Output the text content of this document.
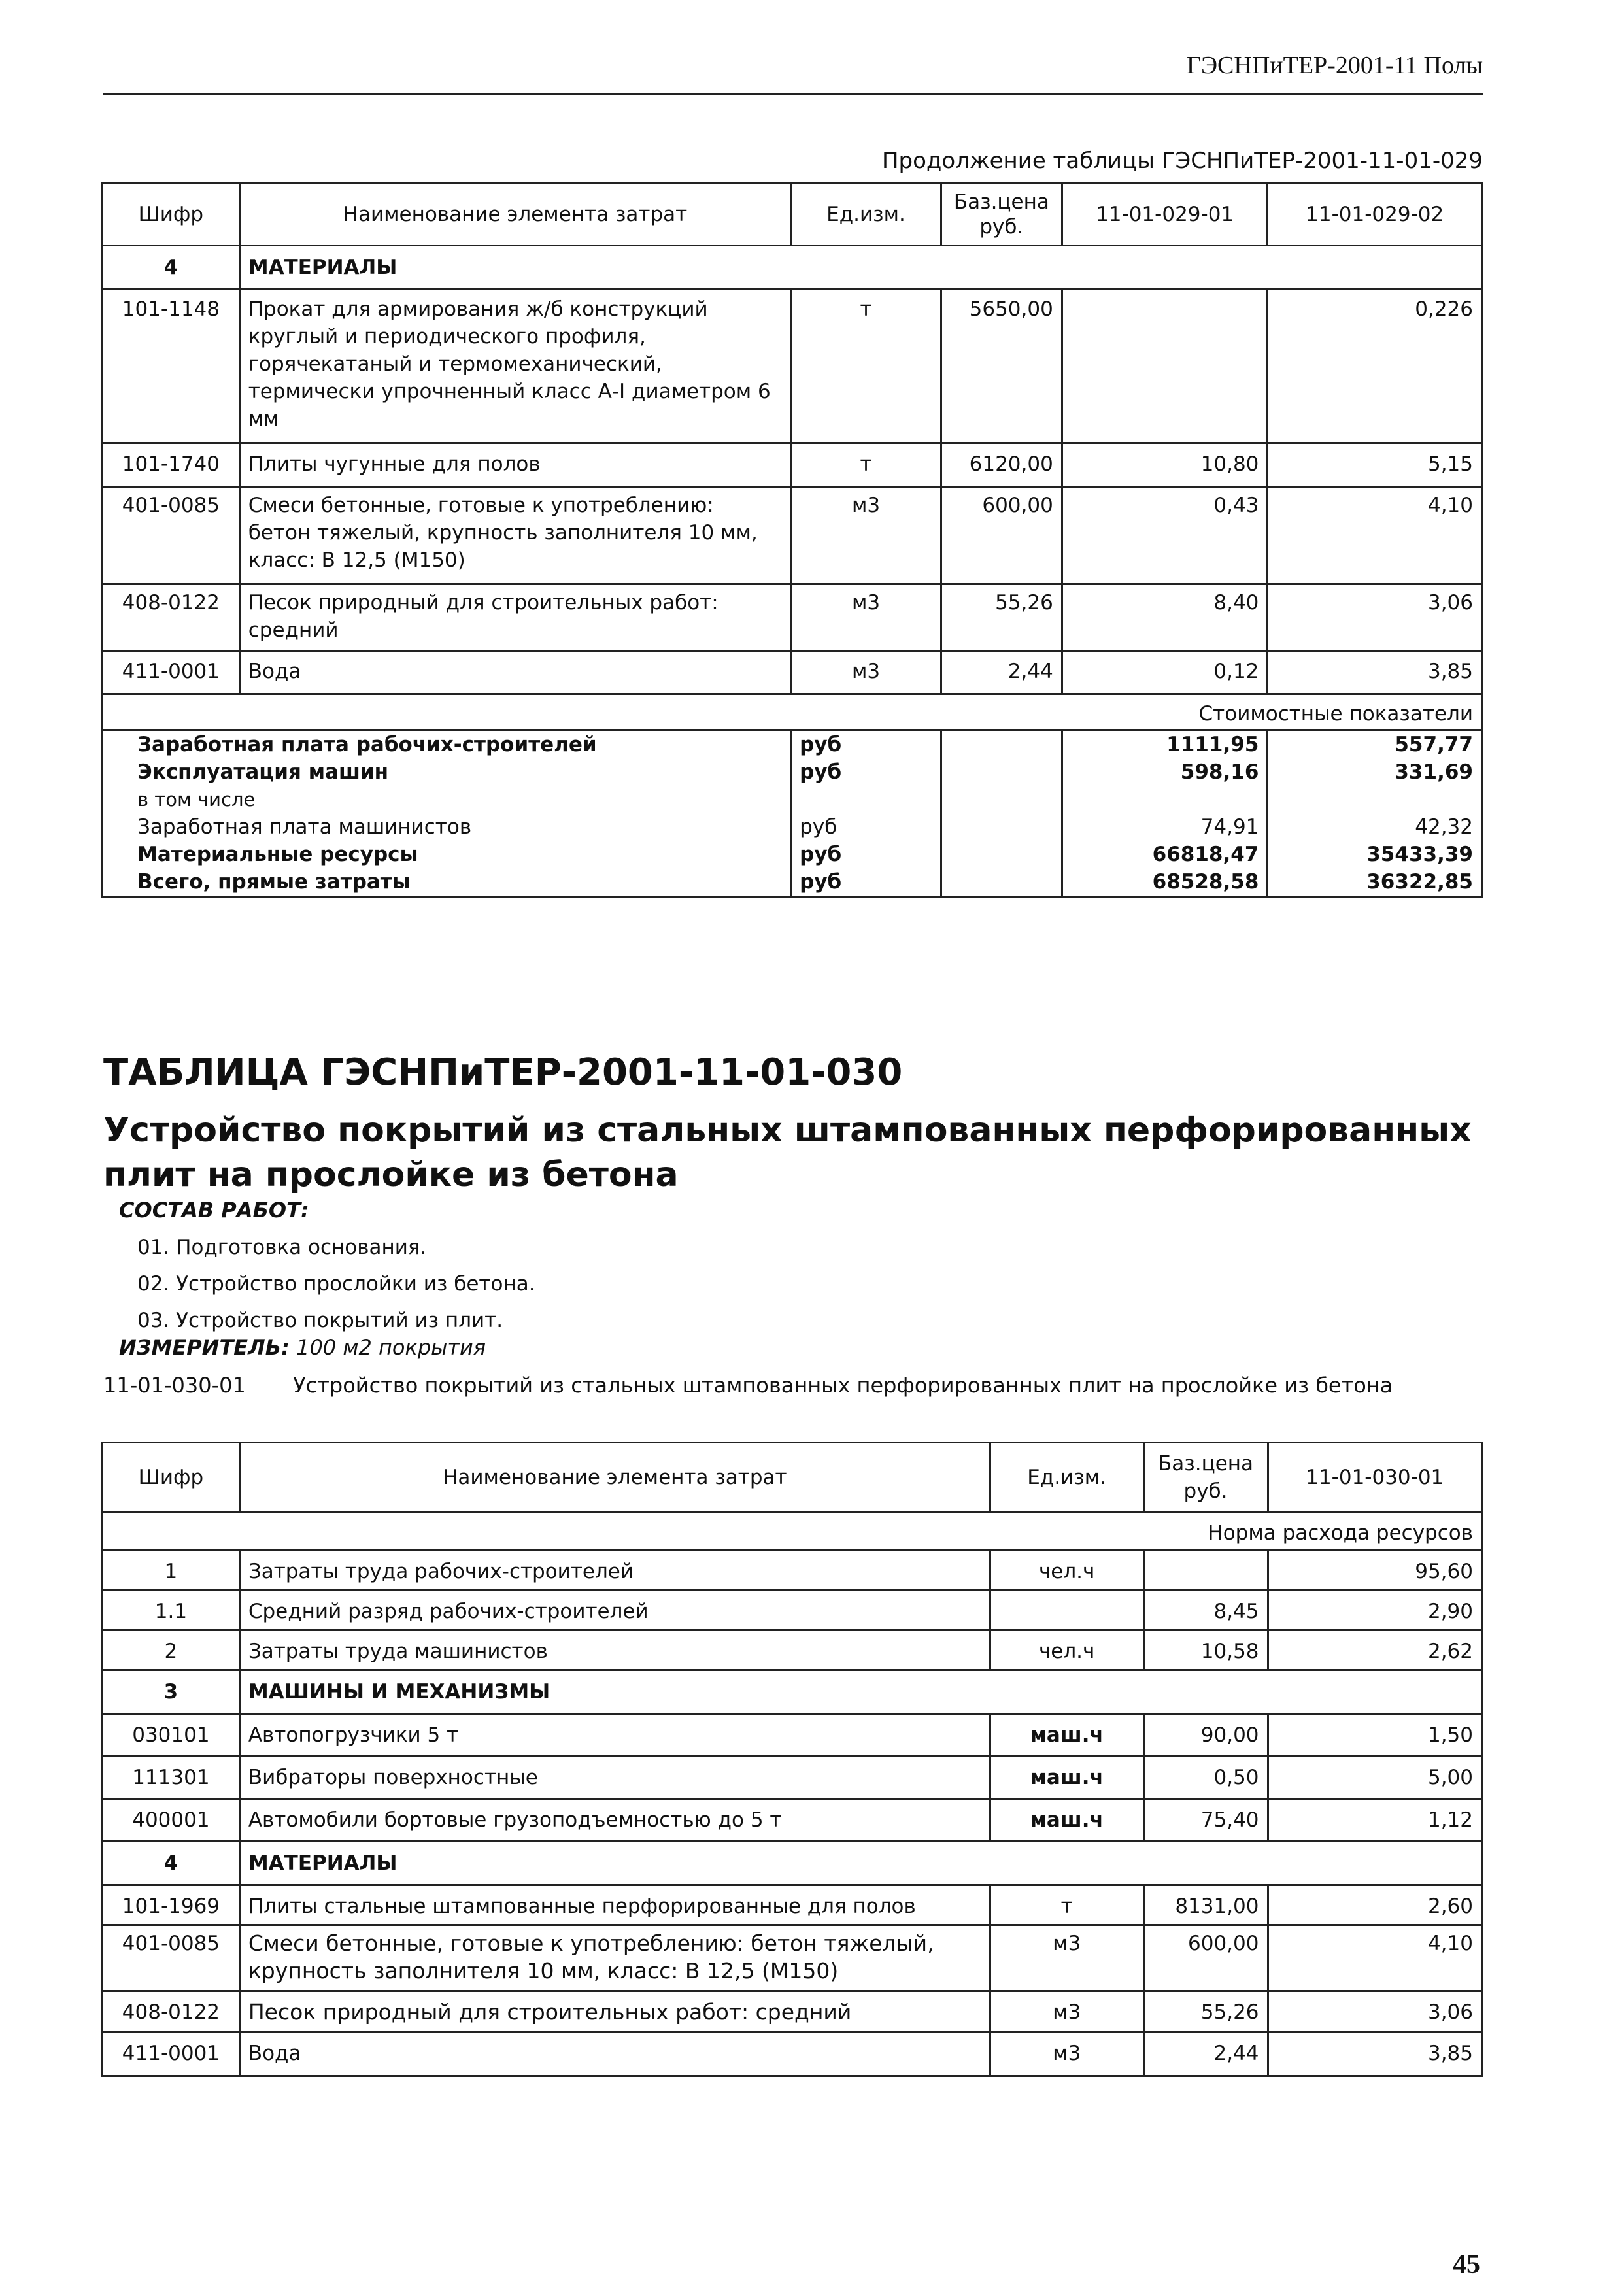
ГЭСНПиТЕР-2001-11 Полы
Продолжение таблицы ГЭСНПиТЕР-2001-11-01-029
Шифр	Наименование элемента затрат	Ед.изм.	Баз.цена руб.	11-01-029-01	11-01-029-02
4	МАТЕРИАЛЫ				
101-1148	Прокат для армирования ж/б конструкций круглый и периодического профиля, горячекатаный и термомеханический, термически упрочненный класс А-I диаметром 6 мм	т	5650,00		0,226
101-1740	Плиты чугунные для полов	т	6120,00	10,80	5,15
401-0085	Смеси бетонные, готовые к употреблению: бетон тяжелый, крупность заполнителя 10 мм, класс: В 12,5 (М150)	м3	600,00	0,43	4,10
408-0122	Песок природный для строительных работ: средний	м3	55,26	8,40	3,06
411-0001	Вода	м3	2,44	0,12	3,85
Стоимостные показатели					
Заработная плата рабочих-строителей		руб		1111,95	557,77
Эксплуатация машин		руб		598,16	331,69
в том числе					
Заработная плата машинистов		руб		74,91	42,32
Материальные ресурсы		руб		66818,47	35433,39
Всего, прямые затраты		руб		68528,58	36322,85
ТАБЛИЦА ГЭСНПиТЕР-2001-11-01-030
Устройство покрытий из стальных штампованных перфорированных плит на прослойке из бетона
СОСТАВ РАБОТ:
01. Подготовка основания.
02. Устройство прослойки из бетона.
03. Устройство покрытий из плит.
ИЗМЕРИТЕЛЬ: 100 м2 покрытия
11-01-030-01 Устройство покрытий из стальных штампованных перфорированных плит на прослойке из бетона
Шифр	Наименование элемента затрат	Ед.изм.	Баз.цена руб.	11-01-030-01
Норма расхода ресурсов				
1	Затраты труда рабочих-строителей	чел.ч		95,60
1.1	Средний разряд рабочих-строителей		8,45	2,90
2	Затраты труда машинистов	чел.ч	10,58	2,62
3	МАШИНЫ И МЕХАНИЗМЫ			
030101	Автопогрузчики 5 т	маш.ч	90,00	1,50
111301	Вибраторы поверхностные	маш.ч	0,50	5,00
400001	Автомобили бортовые грузоподъемностью до 5 т	маш.ч	75,40	1,12
4	МАТЕРИАЛЫ			
101-1969	Плиты стальные штампованные перфорированные для полов	т	8131,00	2,60
401-0085	Смеси бетонные, готовые к употреблению: бетон тяжелый, крупность заполнителя 10 мм, класс: В 12,5 (М150)	м3	600,00	4,10
408-0122	Песок природный для строительных работ: средний	м3	55,26	3,06
411-0001	Вода	м3	2,44	3,85
45
